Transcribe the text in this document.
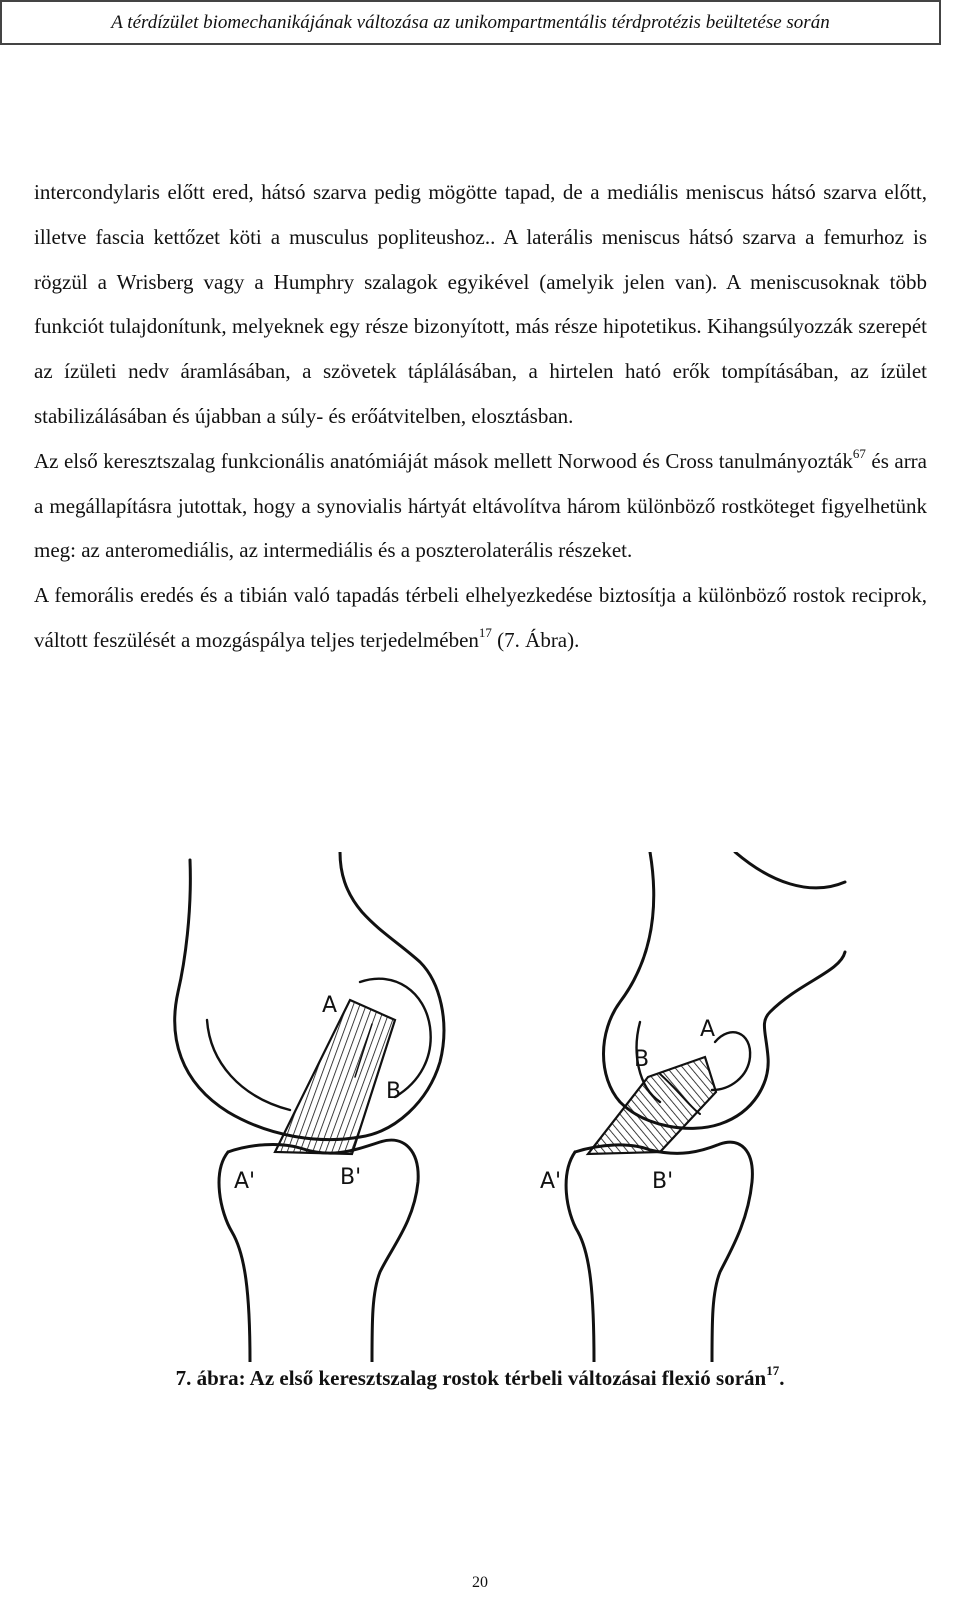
A térdízület biomechanikájának változása az unikompartmentális térdprotézis beültetése során

intercondylaris előtt ered, hátsó szarva pedig mögötte tapad, de a mediális meniscus hátsó szarva előtt, illetve fascia kettőzet köti a musculus popliteushoz.. A laterális meniscus hátsó szarva a femurhoz is rögzül a Wrisberg vagy a Humphry szalagok egyikével (amelyik jelen van). A meniscusoknak több funkciót tulajdonítunk, melyeknek egy része bizonyított, más része hipotetikus. Kihangsúlyozzák szerepét az ízületi nedv áramlásában, a szövetek táplálásában, a hirtelen ható erők tompításában, az ízület stabilizálásában és újabban a súly- és erőátvitelben, elosztásban.

Az első keresztszalag funkcionális anatómiáját mások mellett Norwood és Cross tanulmányozták$^{67}$ és arra a megállapításra jutottak, hogy a synovialis hártyát eltávolítva három különböző rostköteget figyelhetünk meg: az anteromediális, az intermediális és a poszterolaterális részeket.

A femorális eredés és a tibián való tapadás térbeli elhelyezkedése biztosítja a különböző rostok reciprok, váltott feszülését a mozgáspálya teljes terjedelmében$^{17}$ (7. Ábra).

A
B
A'	B'
A
B
A'	B'
7. ábra: Az első keresztszalag rostok térbeli változásai flexió során$^{17}$.
20
